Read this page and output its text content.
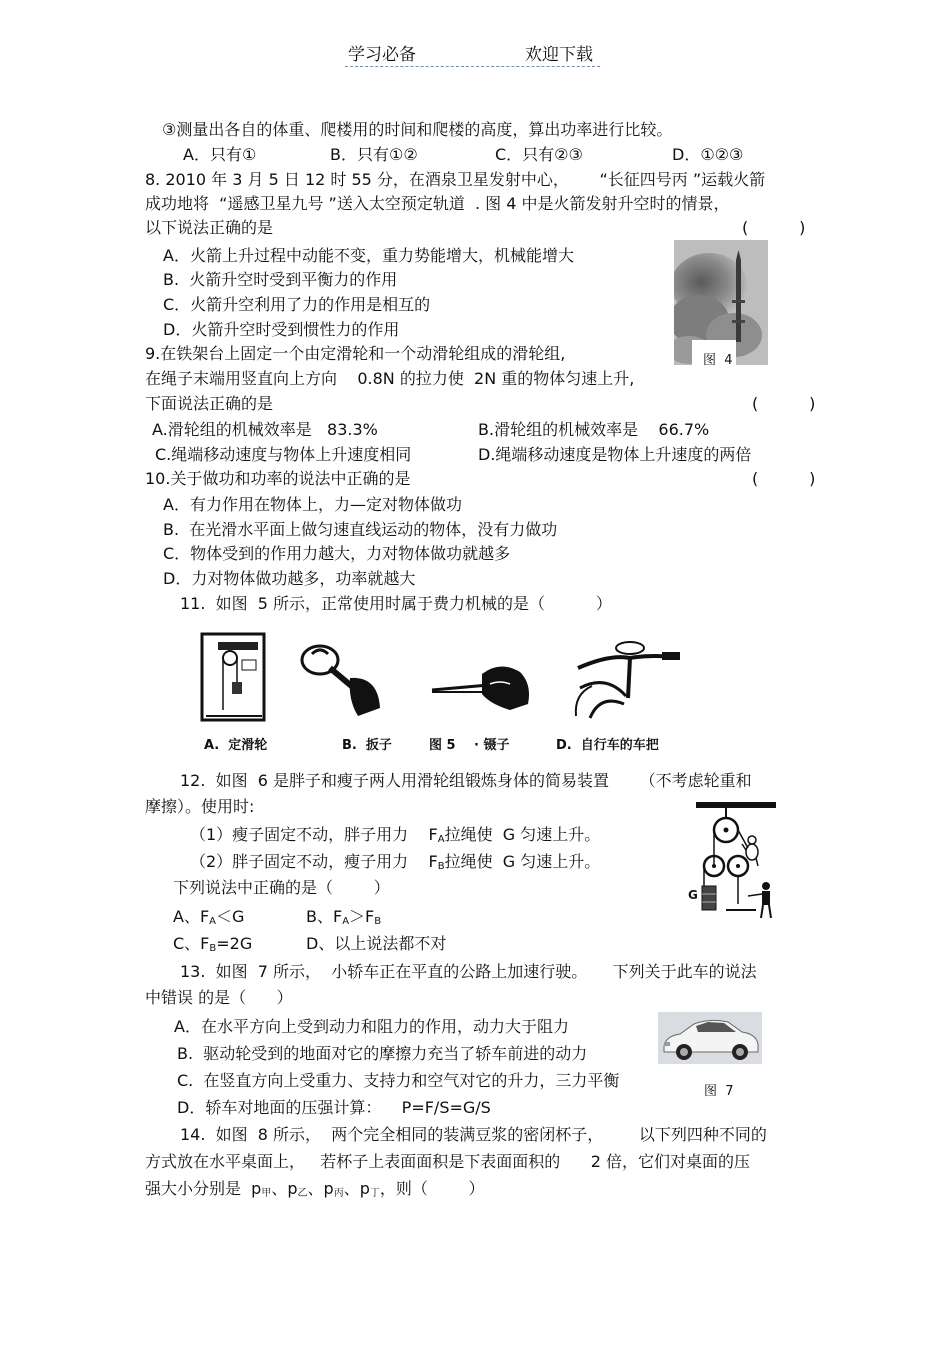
学习必备	欢迎下载
③测量出各自的体重、爬楼用的时间和爬楼的高度，算出功率进行比较。
A．只有①	B．只有①②	C．只有②③	D．①②③
8. 2010 年 3 月 5 日 12 时 55 分，在酒泉卫星发射中心，      “长征四号丙 ”运载火箭
成功地将  “遥感卫星九号 ”送入太空预定轨道  . 图 4 中是火箭发射升空时的情景，
以下说法正确的是	(          )
A．火箭上升过程中动能不变，重力势能增大，机械能增大
B.  火箭升空时受到平衡力的作用
C．火箭升空利用了力的作用是相互的
D．火箭升空时受到惯性力的作用
图  4
9.在铁架台上固定一个由定滑轮和一个动滑轮组成的滑轮组,
在绳子末端用竖直向上方向    0.8N 的拉力使  2N 重的物体匀速上升,
下面说法正确的是	(          )
A.滑轮组的机械效率是   83.3%	B.滑轮组的机械效率是    66.7%
C.绳端移动速度与物体上升速度相同	D.绳端移动速度是物体上升速度的两倍
10.关于做功和功率的说法中正确的是	(          )
A．有力作用在物体上，力—定对物体做功
B.  在光滑水平面上做匀速直线运动的物体，没有力做功
C．物体受到的作用力越大，力对物体做功就越多
D．力对物体做功越多，功率就越大
11.  如图  5 所示，正常使用时属于费力机械的是（          ）
A.  定滑轮	B.  扳子	图 5 · 镊子	D.  自行车的车把
12.  如图  6 是胖子和瘦子两人用滑轮组锻炼身体的简易装置      （不考虑轮重和
摩擦）。使用时:
（1）瘦子固定不动，胖子用力    $F_A$拉绳使  G 匀速上升。
（2）胖子固定不动，瘦子用力    $F_B$拉绳使  G 匀速上升。
下列说法中正确的是（        ）
A、$F_A<G$	B、$F_A>F_B$
C、$F_B=2G$	D、以上说法都不对
G
13.  如图  7 所示，  小轿车正在平直的公路上加速行驶。     下列关于此车的说法
中错误 的是（      ）
A．在水平方向上受到动力和阻力的作用，动力大于阻力
B.  驱动轮受到的地面对它的摩擦力充当了轿车前进的动力
C.  在竖直方向上受重力、支持力和空气对它的升力，三力平衡
D．轿车对地面的压强计算：    P=F/S=G/S
图  7
14.  如图  8 所示，  两个完全相同的装满豆浆的密闭杯子，       以下列四种不同的
方式放在水平桌面上，   若杯子上表面面积是下表面面积的      2 倍，它们对桌面的压
强大小分别是  $p_甲$、$p_乙$、$p_丙$、$p_丁$，则（        ）
